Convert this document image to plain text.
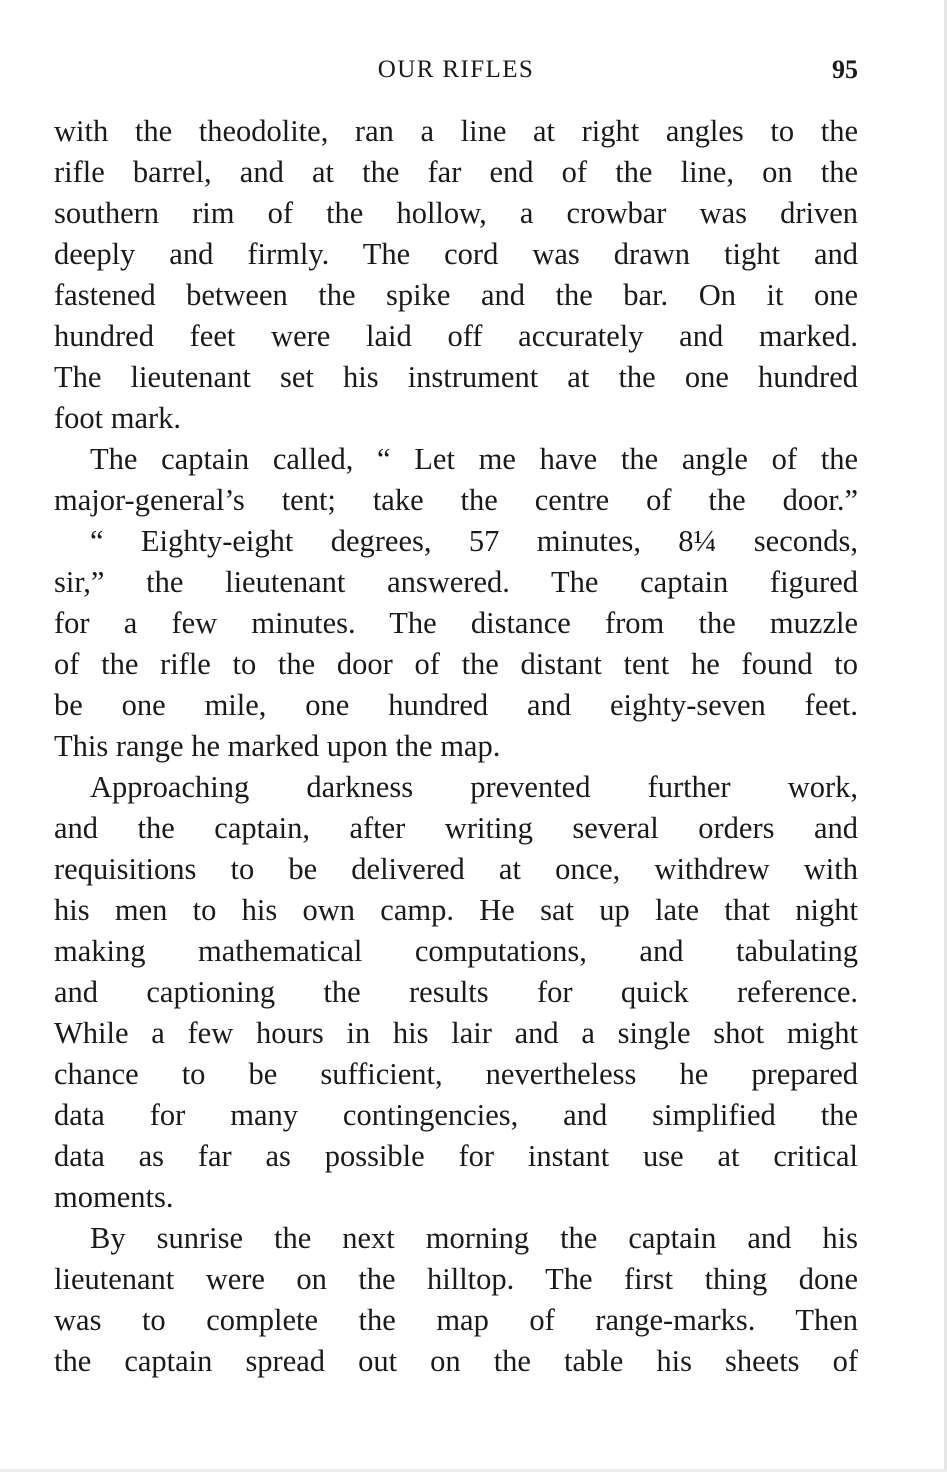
OUR RIFLES	95
with the theodolite, ran a line at right angles to the
rifle barrel, and at the far end of the line, on the
southern rim of the hollow, a crowbar was driven
deeply and firmly. The cord was drawn tight and
fastened between the spike and the bar. On it one
hundred feet were laid off accurately and marked.
The lieutenant set his instrument at the one hundred
foot mark.
The captain called, “ Let me have the angle of the
major-general’s tent; take the centre of the door.”
“ Eighty-eight degrees, 57 minutes, 8¼ seconds,
sir,” the lieutenant answered. The captain figured
for a few minutes. The distance from the muzzle
of the rifle to the door of the distant tent he found to
be one mile, one hundred and eighty-seven feet.
This range he marked upon the map.
Approaching darkness prevented further work,
and the captain, after writing several orders and
requisitions to be delivered at once, withdrew with
his men to his own camp. He sat up late that night
making mathematical computations, and tabulating
and captioning the results for quick reference.
While a few hours in his lair and a single shot might
chance to be sufficient, nevertheless he prepared
data for many contingencies, and simplified the
data as far as possible for instant use at critical
moments.
By sunrise the next morning the captain and his
lieutenant were on the hilltop. The first thing done
was to complete the map of range-marks. Then
the captain spread out on the table his sheets of
